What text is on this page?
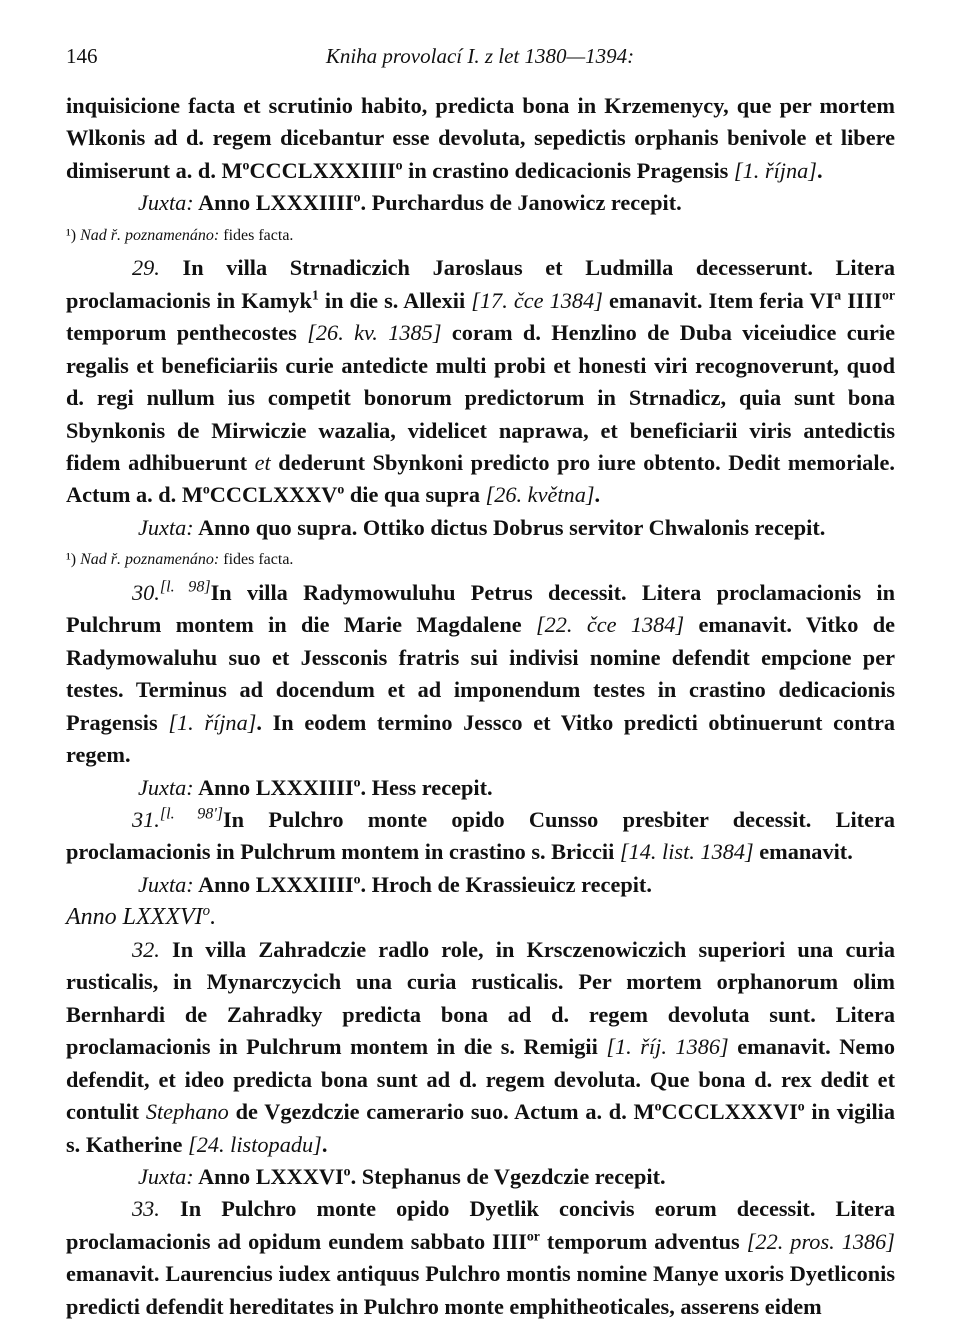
146	Kniha provolací I. z let 1380—1394:

inquisicione facta et scrutinio habito, predicta bona in Krzemenycy, que per mortem Wlkonis ad d. regem dicebantur esse devoluta, sepedictis orphanis benivole et libere dimiserunt a. d. $M^oCCCLXXXIIII^o$ in crastino dedicacionis Pragensis [1. října].

Juxta: Anno LXXXIIII$^o$. Purchardus de Janowicz recepit.

¹) Nad ř. poznamenáno: fides facta.

29. In villa Strnadiczich Jaroslaus et Ludmilla decesserunt. Litera proclamacionis in Kamyk$^1$ in die s. Allexii [17. čce 1384] emanavit. Item feria $VI^a$ $IIII^{or}$ temporum penthecostes [26. kv. 1385] coram d. Henzlino de Duba viceiudice curie regalis et beneficiariis curie antedicte multi probi et honesti viri recognoverunt, quod d. regi nullum ius competit bonorum predictorum in Strnadicz, quia sunt bona Sbynkonis de Mirwiczie wazalia, videlicet naprawa, et beneficiarii viris antedictis fidem adhibuerunt et dederunt Sbynkoni predicto pro iure obtento. Dedit memoriale. Actum a. d. $M^oCCCLXXXV^o$ die qua supra [26. května].

Juxta: Anno quo supra. Ottiko dictus Dobrus servitor Chwalonis recepit.

¹) Nad ř. poznamenáno: fides facta.

30.[l. 98]In villa Radymowuluhu Petrus decessit. Litera proclamacionis in Pulchrum montem in die Marie Magdalene [22. čce 1384] emanavit. Vitko de Radymowaluhu suo et Jessconis fratris sui indivisi nomine defendit empcione per testes. Terminus ad docendum et ad imponendum testes in crastino dedicacionis Pragensis [1. října]. In eodem termino Jessco et Vitko predicti obtinuerunt contra regem.

Juxta: Anno LXXXIIII$^o$. Hess recepit.

31.[l. 98']In Pulchro monte opido Cunsso presbiter decessit. Litera proclamacionis in Pulchrum montem in crastino s. Briccii [14. list. 1384] emanavit.

Juxta: Anno LXXXIIII$^o$. Hroch de Krassieuicz recepit.

Anno LXXXVI$^o$.

32. In villa Zahradczie radlo role, in Krsczenowiczich superiori una curia rusticalis, in Mynarczycich una curia rusticalis. Per mortem orphanorum olim Bernhardi de Zahradky predicta bona ad d. regem devoluta sunt. Litera proclamacionis in Pulchrum montem in die s. Remigii [1. říj. 1386] emanavit. Nemo defendit, et ideo predicta bona sunt ad d. regem devoluta. Que bona d. rex dedit et contulit Stephano de Vgezdczie camerario suo. Actum a. d. $M^oCCCLXXXVI^o$ in vigilia s. Katherine [24. listopadu].

Juxta: Anno LXXXVI$^o$. Stephanus de Vgezdczie recepit.

33. In Pulchro monte opido Dyetlik concivis eorum decessit. Litera proclamacionis ad opidum eundem sabbato $IIII^{or}$ temporum adventus [22. pros. 1386] emanavit. Laurencius iudex antiquus Pulchro montis nomine Manye uxoris Dyetliconis predicti defendit hereditates in Pulchro monte emphitheoticales, asserens eidem
